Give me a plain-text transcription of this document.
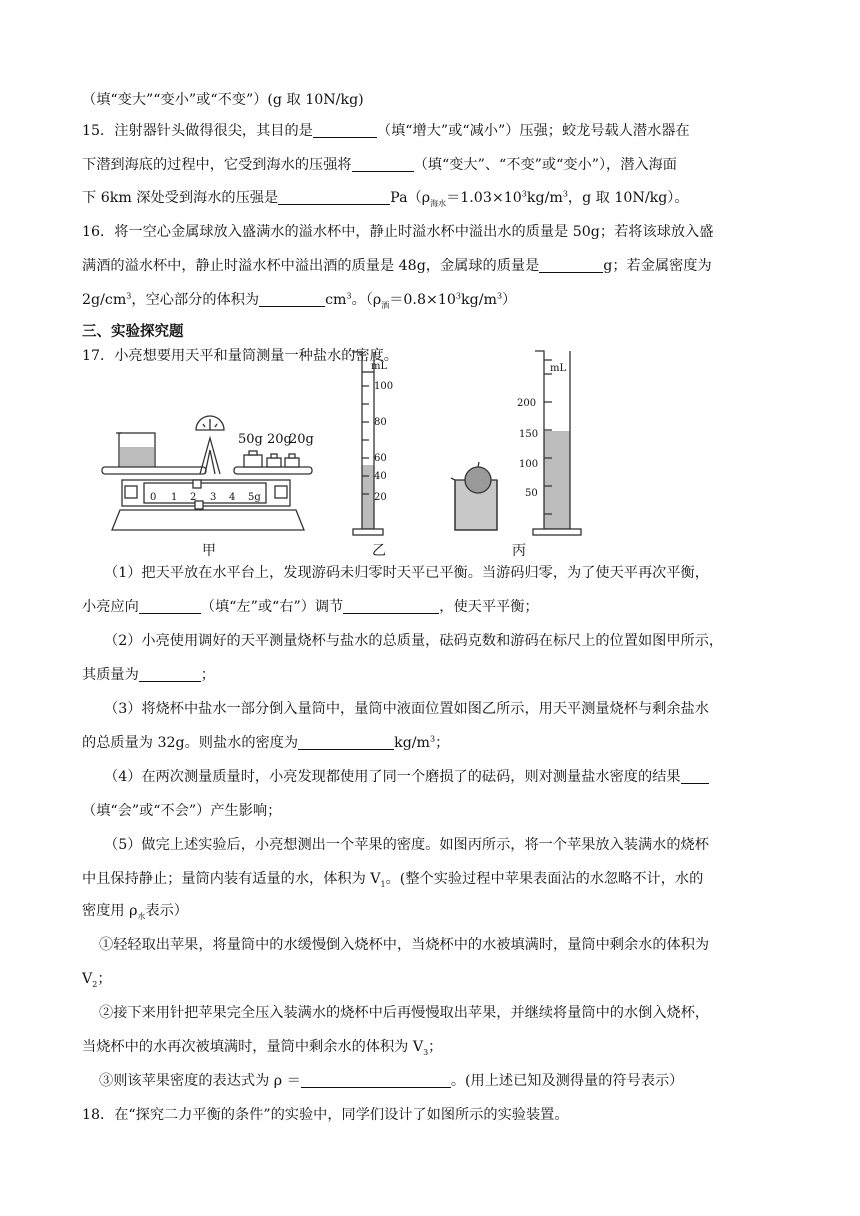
（填“变大”“变小”或“不变”）(g 取 10N/kg)
15．注射器针头做得很尖，其目的是	（填“增大”或“减小”）压强；蛟龙号载人潜水器在
下潜到海底的过程中，它受到海水的压强将	（填“变大”、“不变”或“变小”），潜入海面
下 6km 深处受到海水的压强是	$Pa(\rho_{海水}=1.03\times 10^3kg/m^3$，g 取 10N/kg）。
16．将一空心金属球放入盛满水的溢水杯中，静止时溢水杯中溢出水的质量是 50g；若将该球放入盛
满酒的溢水杯中，静止时溢水杯中溢出酒的质量是 48g，金属球的质量是	g；若金属密度为
$2g/cm^3$，空心部分的体积为	$cm^3$。$(\rho_酒=0.8\times 10^3kg/m^3)$
三、实验探究题
17．小亮想要用天平和量筒测量一种盐水的密度。
50g 20g
20g
0 1 2 3 4 5g
mL
100
80
60
40
20
mL
200
150
100
50
甲	乙	丙
（1）把天平放在水平台上，发现游码未归零时天平已平衡。当游码归零，为了使天平再次平衡，
小亮应向	（填“左”或“右”）调节	，使天平平衡；
（2）小亮使用调好的天平测量烧杯与盐水的总质量，砝码克数和游码在标尺上的位置如图甲所示，
其质量为	；
（3）将烧杯中盐水一部分倒入量筒中，量筒中液面位置如图乙所示，用天平测量烧杯与剩余盐水
的总质量为 32g。则盐水的密度为	$kg/m^3$；
（4）在两次测量质量时，小亮发现都使用了同一个磨损了的砝码，则对测量盐水密度的结果
（填“会”或“不会”）产生影响；
（5）做完上述实验后，小亮想测出一个苹果的密度。如图丙所示，将一个苹果放入装满水的烧杯
中且保持静止；量筒内装有适量的水，体积为 $V_1$。(整个实验过程中苹果表面沾的水忽略不计，水的
密度用 $\rho_水$表示）
①轻轻取出苹果，将量筒中的水缓慢倒入烧杯中，当烧杯中的水被填满时，量筒中剩余水的体积为
$V_2$；
②接下来用针把苹果完全压入装满水的烧杯中后再慢慢取出苹果，并继续将量筒中的水倒入烧杯，
当烧杯中的水再次被填满时，量筒中剩余水的体积为 $V_3$；
③则该苹果密度的表达式为 ρ ＝	。(用上述已知及测得量的符号表示）
18．在“探究二力平衡的条件”的实验中，同学们设计了如图所示的实验装置。
